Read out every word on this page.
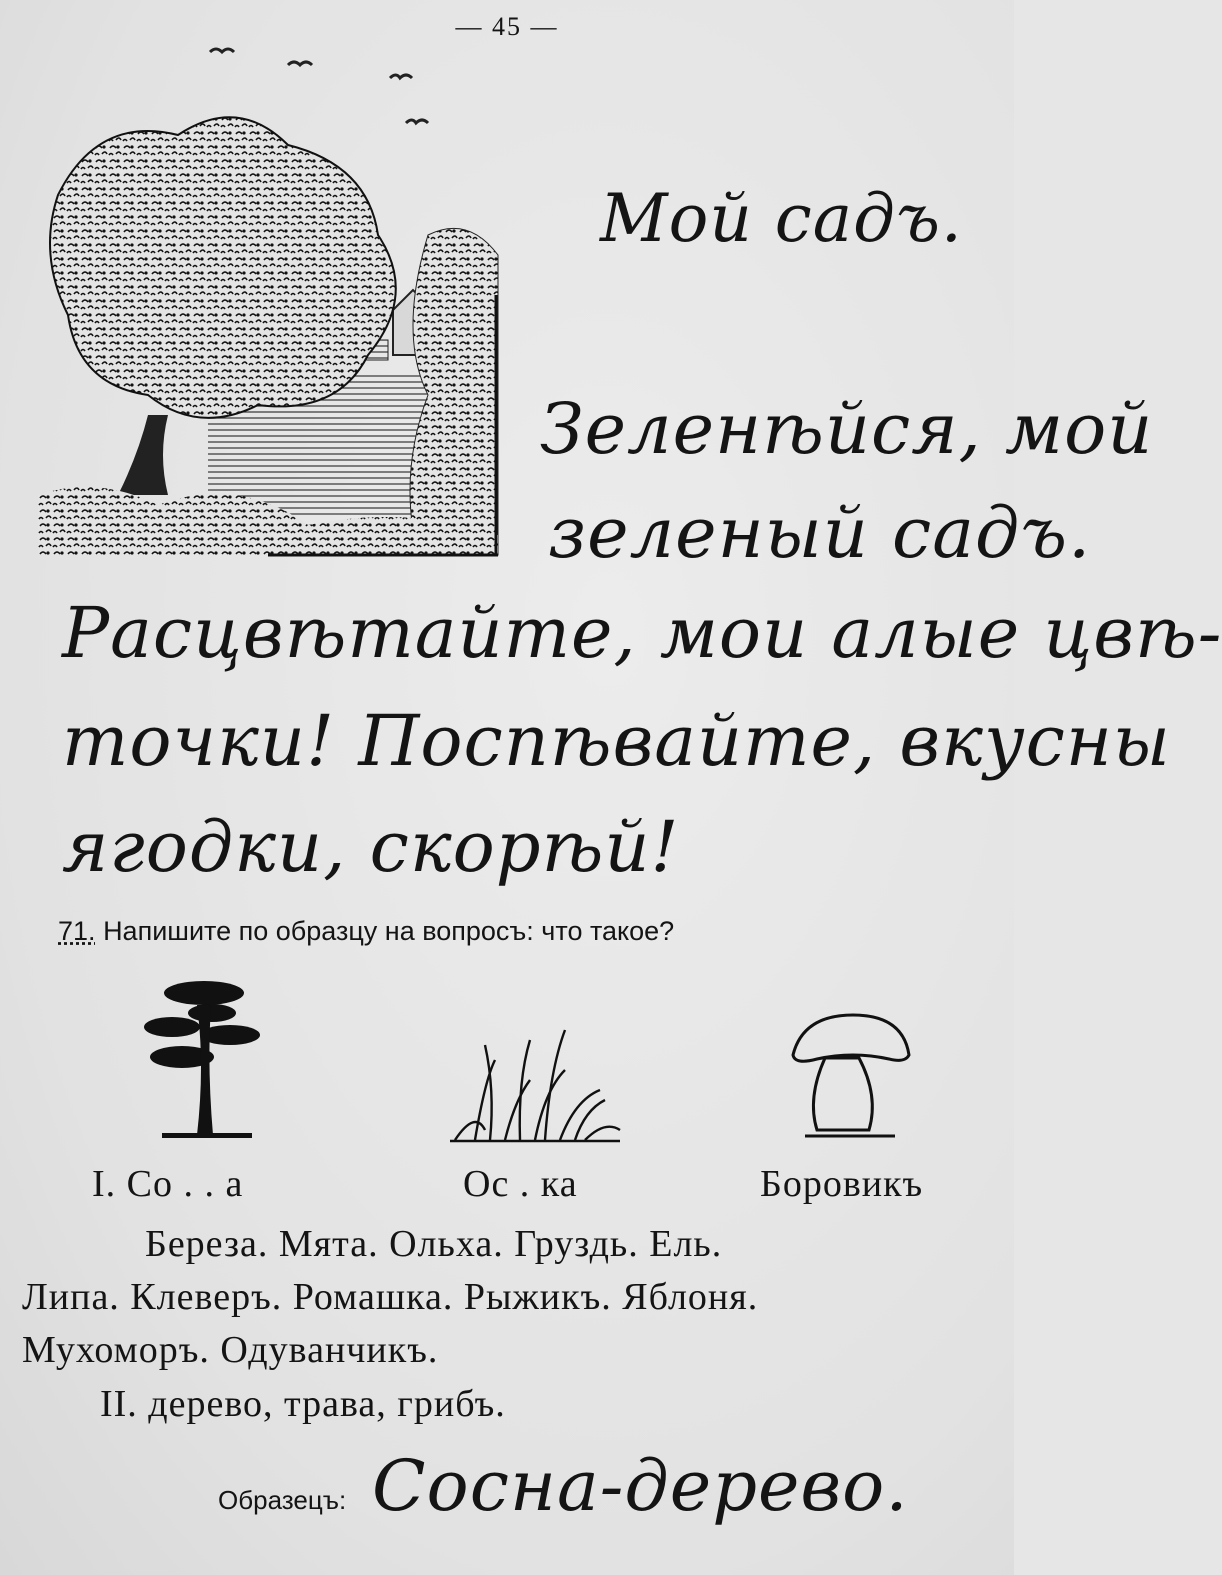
— 45 —
Мой садъ.
Зеленѣйся, мой
зеленый садъ.
Расцвѣтайте, мои алые цвѣ-
точки! Поспѣвайте, вкусны
ягодки, скорѣй!
71. Напишите по образцу на вопросъ: что такое?
I. Со . . а	Ос . ка	Боровикъ
Береза. Мята. Ольха. Груздь. Ель.
Липа. Клеверъ. Ромашка. Рыжикъ. Яблоня.
Мухоморъ. Одуванчикъ.
II. дерево, трава, грибъ.
Образецъ: Сосна-дерево.
